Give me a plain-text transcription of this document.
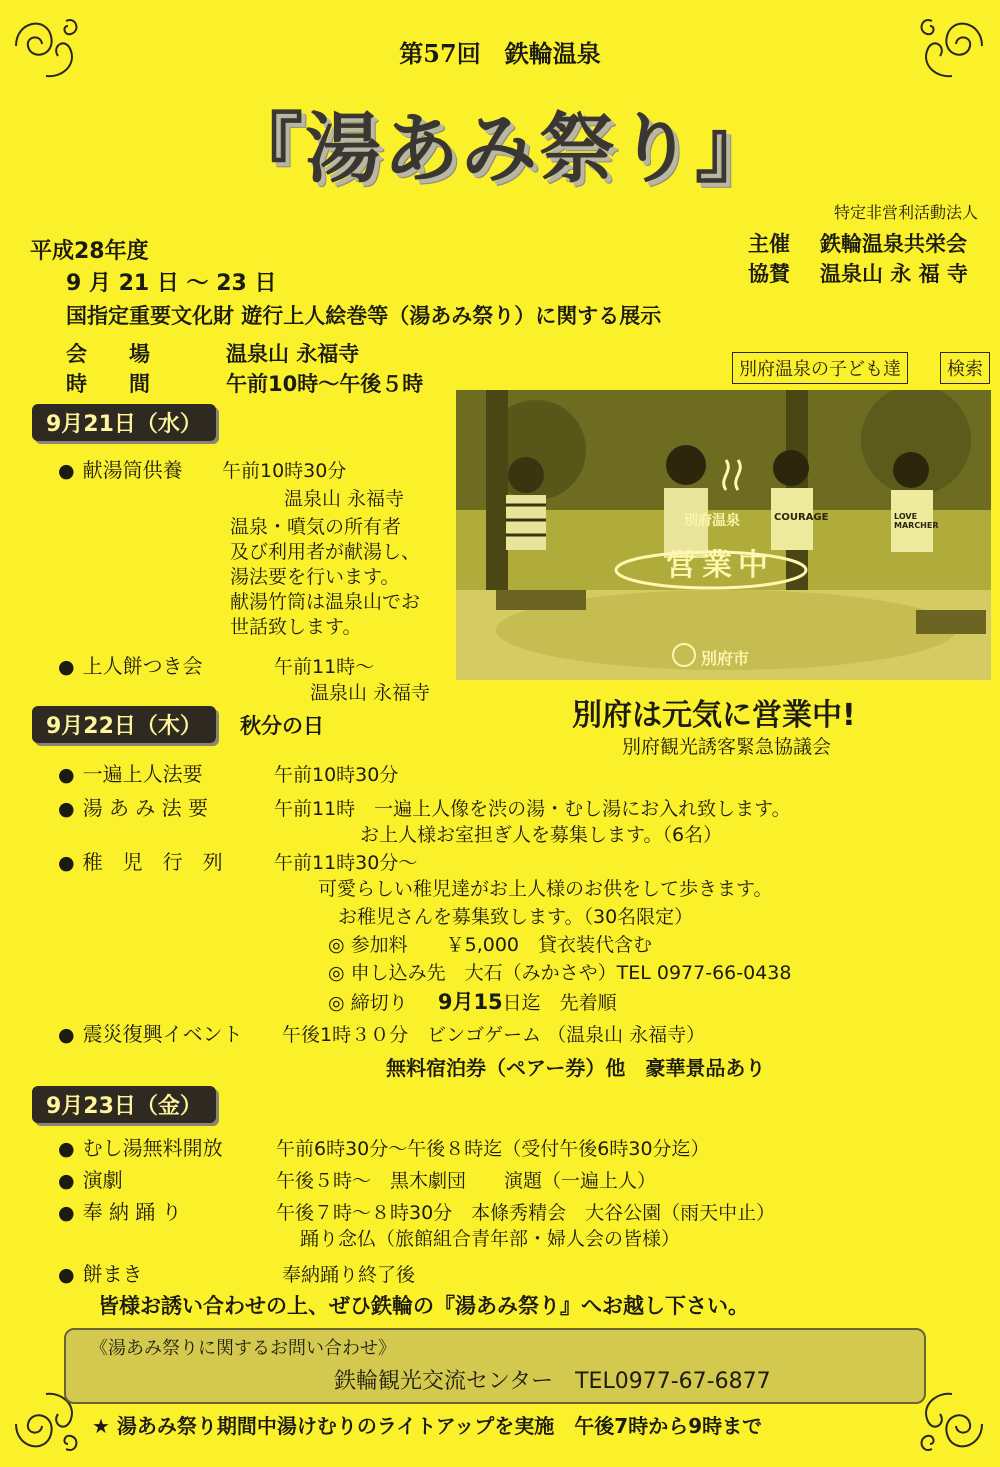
第57回　鉄輪温泉
『湯あみ祭り』
特定非営利活動法人
主催 鉄輪温泉共栄会
協賛 温泉山 永 福 寺
平成28年度
9 月 21 日 ～ 23 日
国指定重要文化財 遊行上人絵巻等（湯あみ祭り）に関する展示
会　　場	温泉山 永福寺
時　　間	午前10時～午後５時
別府温泉の子ども達	検索
別府温泉
営業中
COURAGE	LOVE MARCHER
別府市
別府は元気に営業中!
別府観光誘客緊急協議会
9月21日（水）
● 献湯筒供養 午前10時30分
温泉山 永福寺
温泉・噴気の所有者
及び利用者が献湯し、
湯法要を行います。
献湯竹筒は温泉山でお
世話致します。
● 上人餅つき会	午前11時～
温泉山 永福寺
9月22日（木）	秋分の日
● 一遍上人法要	午前10時30分
● 湯 あ み 法 要	午前11時　一遍上人像を渋の湯・むし湯にお入れ致します。
お上人様お室担ぎ人を募集します。（6名）
● 稚　児　行　列	午前11時30分～
可愛らしい稚児達がお上人様のお供をして歩きます。
お稚児さんを募集致します。（30名限定）
◎ 参加料　　￥5,000　貸衣装代含む
◎ 申し込み先　大石（みかさや）TEL 0977-66-0438
◎ 締切り 9月15日迄　先着順
● 震災復興イベント 午後1時３０分　ビンゴゲーム （温泉山 永福寺）
無料宿泊券（ペアー券）他　豪華景品あり
9月23日（金）
● むし湯無料開放	午前6時30分～午後８時迄（受付午後6時30分迄）
● 演劇	午後５時～　黒木劇団　　演題（一遍上人）
● 奉 納 踊 り	午後７時～８時30分　本條秀精会　大谷公園（雨天中止）
踊り念仏（旅館組合青年部・婦人会の皆様）
● 餅まき	奉納踊り終了後
皆様お誘い合わせの上、ぜひ鉄輪の『湯あみ祭り』へお越し下さい。
《湯あみ祭りに関するお問い合わせ》
鉄輪観光交流センター　TEL0977-67-6877
★ 湯あみ祭り期間中湯けむりのライトアップを実施　午後7時から9時まで
